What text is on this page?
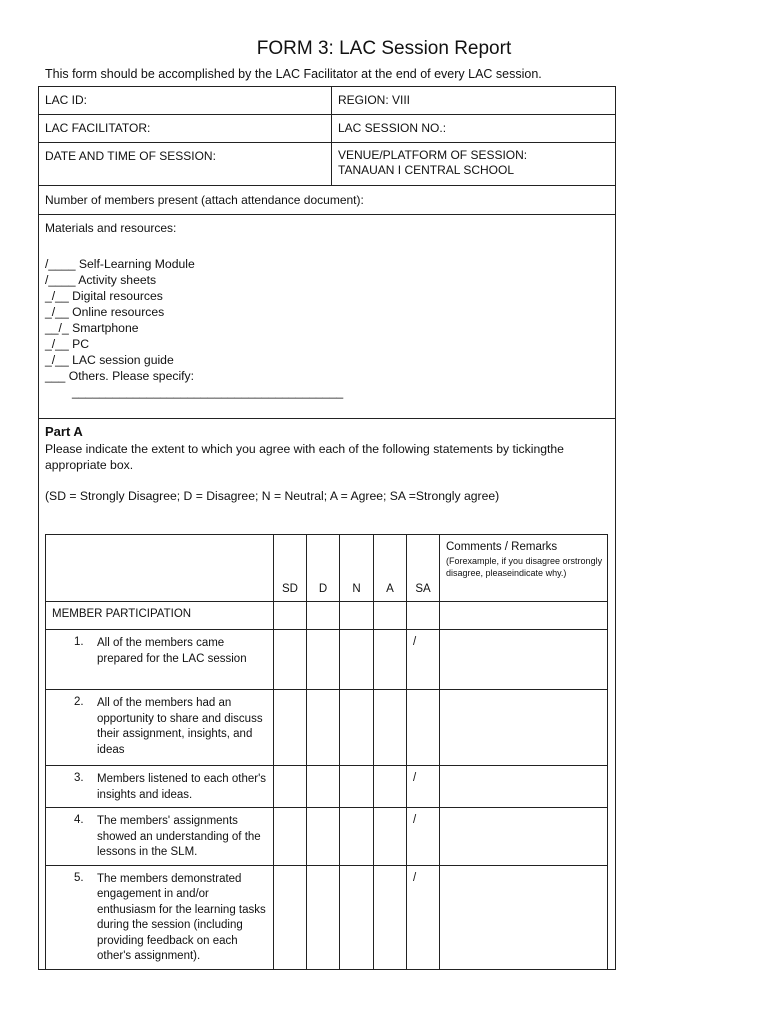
FORM 3: LAC Session Report
This form should be accomplished by the LAC Facilitator at the end of every LAC session.
LAC ID:	REGION: VIII
LAC FACILITATOR:	LAC SESSION NO.:
DATE AND TIME OF SESSION:	VENUE/PLATFORM OF SESSION:
TANAUAN I CENTRAL SCHOOL
Number of members present (attach attendance document):
Materials and resources:
/____ Self-Learning Module
/____ Activity sheets
_/__ Digital resources
_/__ Online resources
__/_ Smartphone
_/__ PC
_/__ LAC session guide
___ Others. Please specify:
________________________________________
Part A
Please indicate the extent to which you agree with each of the following statements by tickingthe appropriate box.
(SD = Strongly Disagree; D = Disagree; N = Neutral; A = Agree; SA =Strongly agree)
	SD	D	N	A	SA	Comments / Remarks
(Forexample, if you disagree orstrongly disagree, pleaseindicate why.)

MEMBER PARTICIPATION						

1. All of the members came prepared for the LAC session					/	

2. All of the members had an opportunity to share and discuss their assignment, insights, and ideas						

3. Members listened to each other's insights and ideas.					/	

4. The members' assignments showed an understanding of the lessons in the SLM.					/	

5. The members demonstrated engagement in and/or enthusiasm for the learning tasks during the session (including providing feedback on each other's assignment).					/	
